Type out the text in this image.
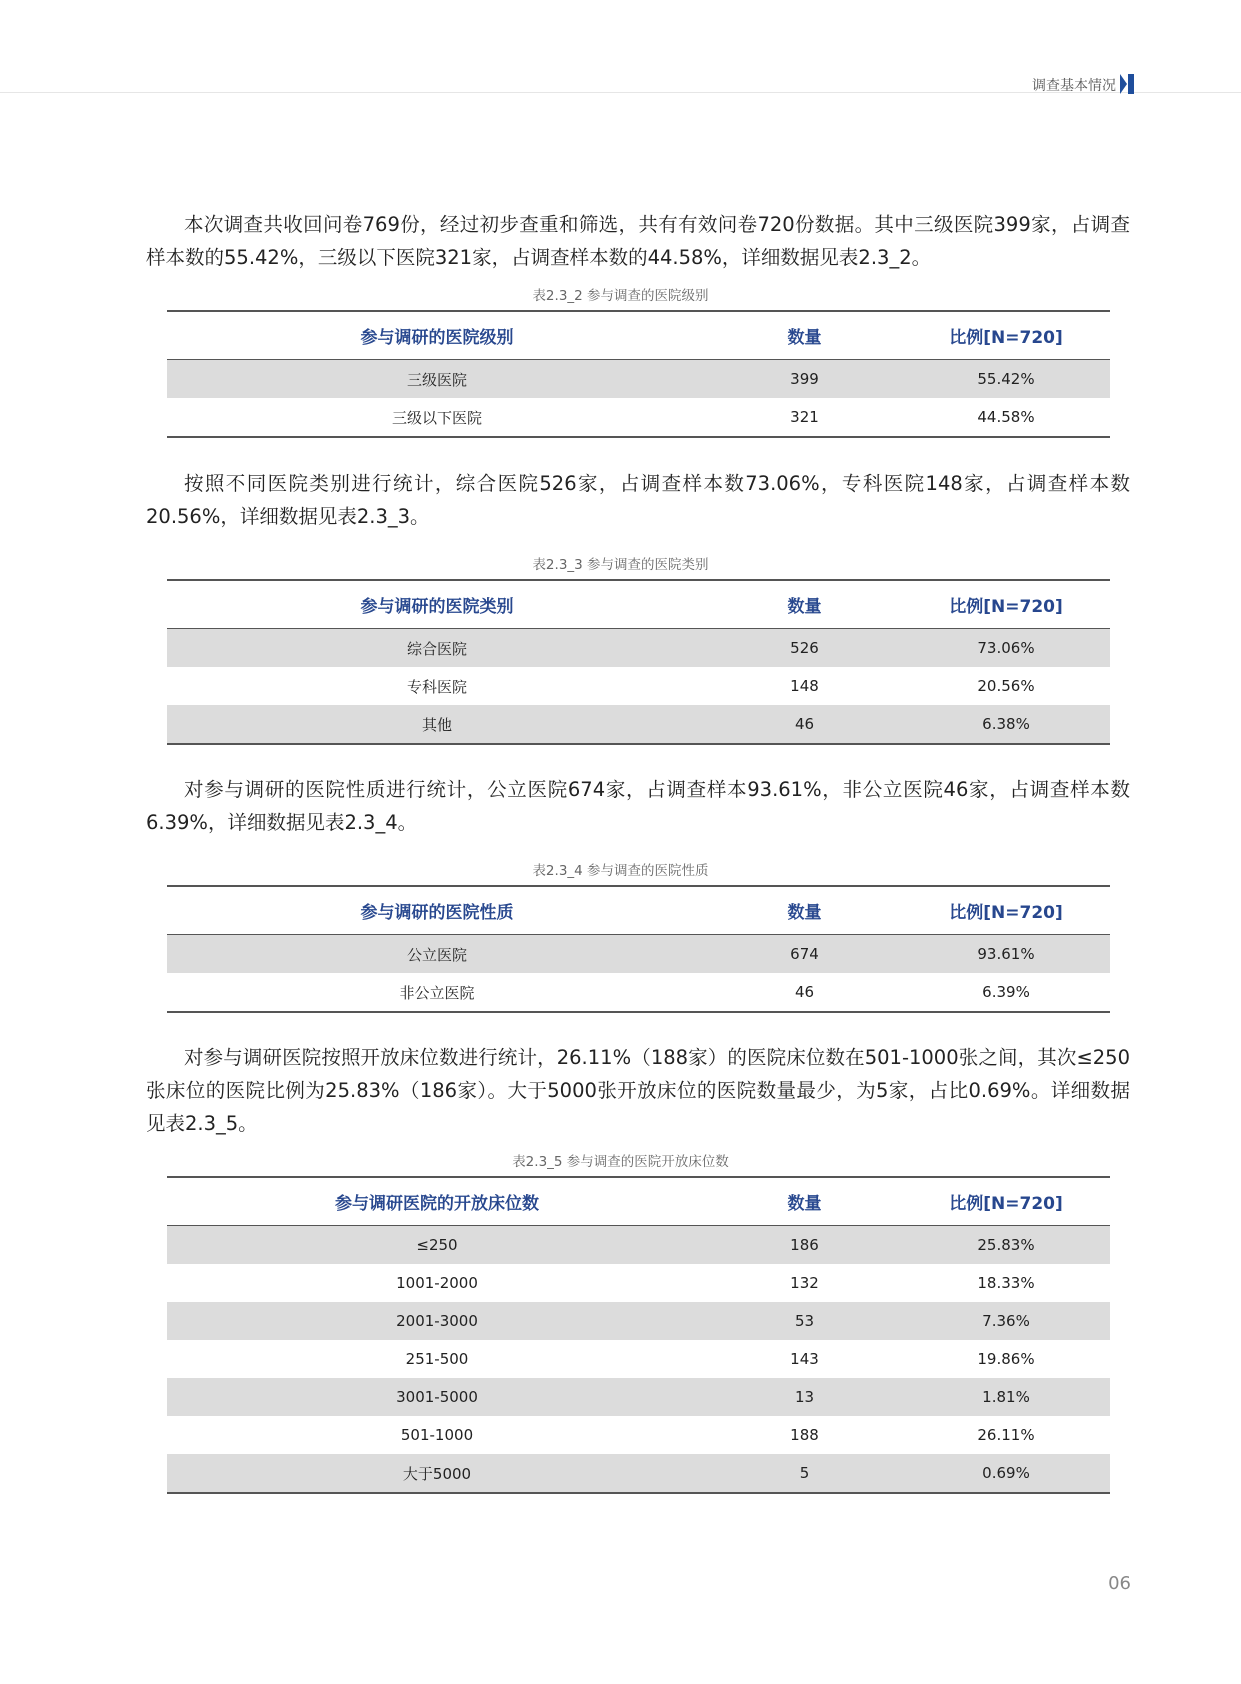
调查基本情况

本次调查共收回问卷769份，经过初步查重和筛选，共有有效问卷720份数据。其中三级医院399家，占调查样本数的55.42%，三级以下医院321家，占调查样本数的44.58%，详细数据见表2.3_2。

表2.3_2 参与调查的医院级别
参与调研的医院级别	数量	比例[N=720]
三级医院	399	55.42%
三级以下医院	321	44.58%

按照不同医院类别进行统计，综合医院526家，占调查样本数73.06%，专科医院148家，占调查样本数20.56%，详细数据见表2.3_3。

表2.3_3 参与调查的医院类别
参与调研的医院类别	数量	比例[N=720]
综合医院	526	73.06%
专科医院	148	20.56%
其他	46	6.38%

对参与调研的医院性质进行统计，公立医院674家，占调查样本93.61%，非公立医院46家，占调查样本数6.39%，详细数据见表2.3_4。

表2.3_4 参与调查的医院性质
参与调研的医院性质	数量	比例[N=720]
公立医院	674	93.61%
非公立医院	46	6.39%

对参与调研医院按照开放床位数进行统计，26.11%（188家）的医院床位数在501-1000张之间，其次≤250张床位的医院比例为25.83%（186家）。大于5000张开放床位的医院数量最少，为5家，占比0.69%。详细数据见表2.3_5。

表2.3_5 参与调查的医院开放床位数
参与调研医院的开放床位数	数量	比例[N=720]
≤250	186	25.83%
1001-2000	132	18.33%
2001-3000	53	7.36%
251-500	143	19.86%
3001-5000	13	1.81%
501-1000	188	26.11%
大于5000	5	0.69%
06
